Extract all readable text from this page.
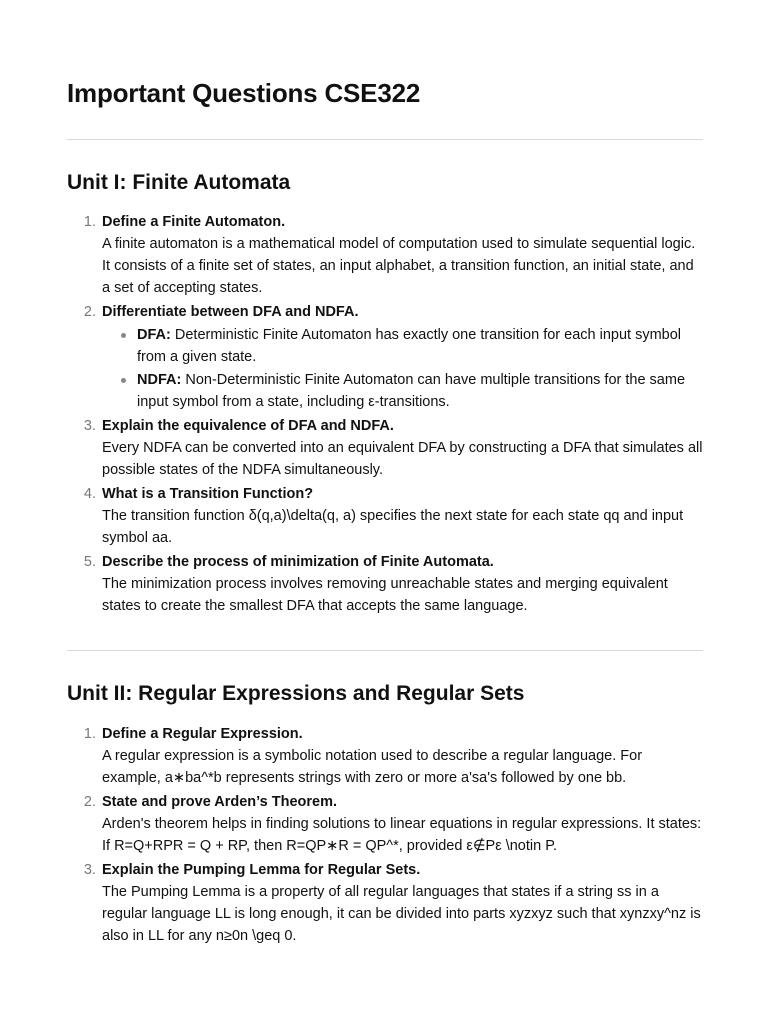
Important Questions CSE322
Unit I: Finite Automata
1. Define a Finite Automaton.
A finite automaton is a mathematical model of computation used to simulate sequential logic. It consists of a finite set of states, an input alphabet, a transition function, an initial state, and a set of accepting states.
2. Differentiate between DFA and NDFA.
DFA: Deterministic Finite Automaton has exactly one transition for each input symbol from a given state.
NDFA: Non-Deterministic Finite Automaton can have multiple transitions for the same input symbol from a state, including ε-transitions.
3. Explain the equivalence of DFA and NDFA.
Every NDFA can be converted into an equivalent DFA by constructing a DFA that simulates all possible states of the NDFA simultaneously.
4. What is a Transition Function?
The transition function δ(q,a)\delta(q, a) specifies the next state for each state qq and input symbol aa.
5. Describe the process of minimization of Finite Automata.
The minimization process involves removing unreachable states and merging equivalent states to create the smallest DFA that accepts the same language.
Unit II: Regular Expressions and Regular Sets
1. Define a Regular Expression.
A regular expression is a symbolic notation used to describe a regular language. For example, a∗ba^*b represents strings with zero or more a'sa's followed by one bb.
2. State and prove Arden’s Theorem.
Arden's theorem helps in finding solutions to linear equations in regular expressions. It states: If R=Q+RPR = Q + RP, then R=QP∗R = QP^*, provided ε∉Pε \notin P.
3. Explain the Pumping Lemma for Regular Sets.
The Pumping Lemma is a property of all regular languages that states if a string ss in a regular language LL is long enough, it can be divided into parts xyzxyz such that xynzxy^nz is also in LL for any n≥0n \geq 0.
